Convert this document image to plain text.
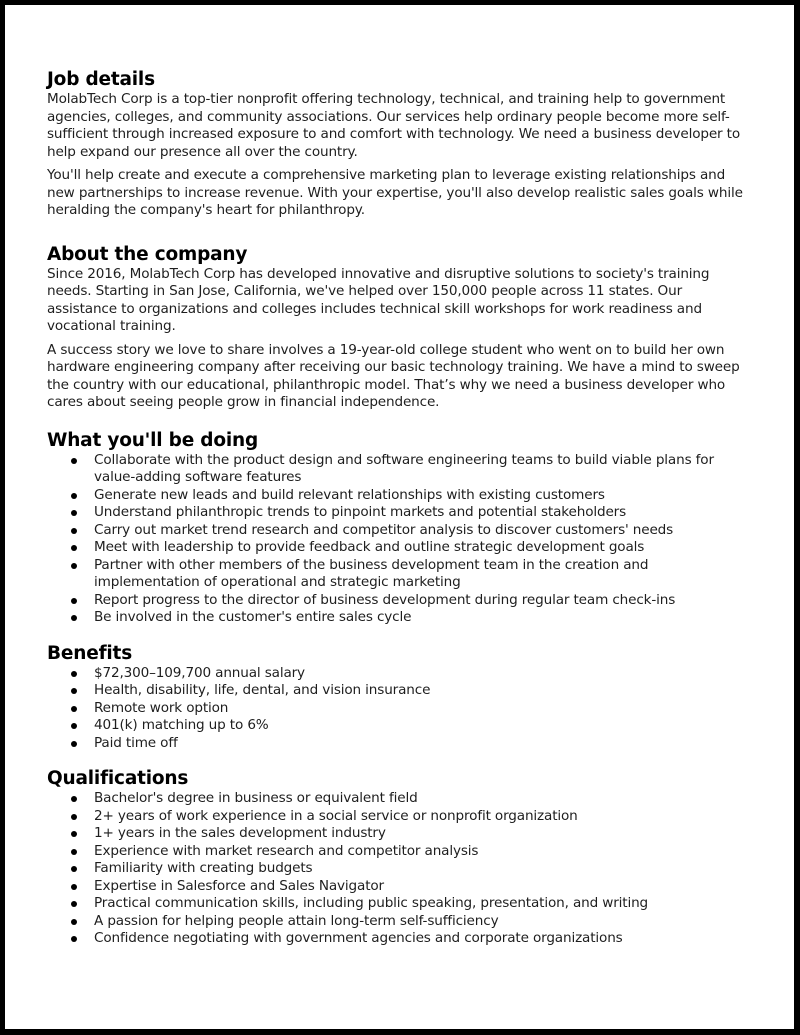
Job details

MolabTech Corp is a top-tier nonprofit offering technology, technical, and training help to government agencies, colleges, and community associations. Our services help ordinary people become more self-sufficient through increased exposure to and comfort with technology. We need a business developer to help expand our presence all over the country.

You'll help create and execute a comprehensive marketing plan to leverage existing relationships and new partnerships to increase revenue. With your expertise, you'll also develop realistic sales goals while heralding the company's heart for philanthropy.

About the company

Since 2016, MolabTech Corp has developed innovative and disruptive solutions to society's training needs. Starting in San Jose, California, we've helped over 150,000 people across 11 states. Our assistance to organizations and colleges includes technical skill workshops for work readiness and vocational training.

A success story we love to share involves a 19-year-old college student who went on to build her own hardware engineering company after receiving our basic technology training. We have a mind to sweep the country with our educational, philanthropic model. That’s why we need a business developer who cares about seeing people grow in financial independence.

What you'll be doing
Collaborate with the product design and software engineering teams to build viable plans for value-adding software features
Generate new leads and build relevant relationships with existing customers
Understand philanthropic trends to pinpoint markets and potential stakeholders
Carry out market trend research and competitor analysis to discover customers' needs
Meet with leadership to provide feedback and outline strategic development goals
Partner with other members of the business development team in the creation and implementation of operational and strategic marketing
Report progress to the director of business development during regular team check-ins
Be involved in the customer's entire sales cycle
Benefits
$72,300–109,700 annual salary
Health, disability, life, dental, and vision insurance
Remote work option
401(k) matching up to 6%
Paid time off
Qualifications
Bachelor's degree in business or equivalent field
2+ years of work experience in a social service or nonprofit organization
1+ years in the sales development industry
Experience with market research and competitor analysis
Familiarity with creating budgets
Expertise in Salesforce and Sales Navigator
Practical communication skills, including public speaking, presentation, and writing
A passion for helping people attain long-term self-sufficiency
Confidence negotiating with government agencies and corporate organizations
